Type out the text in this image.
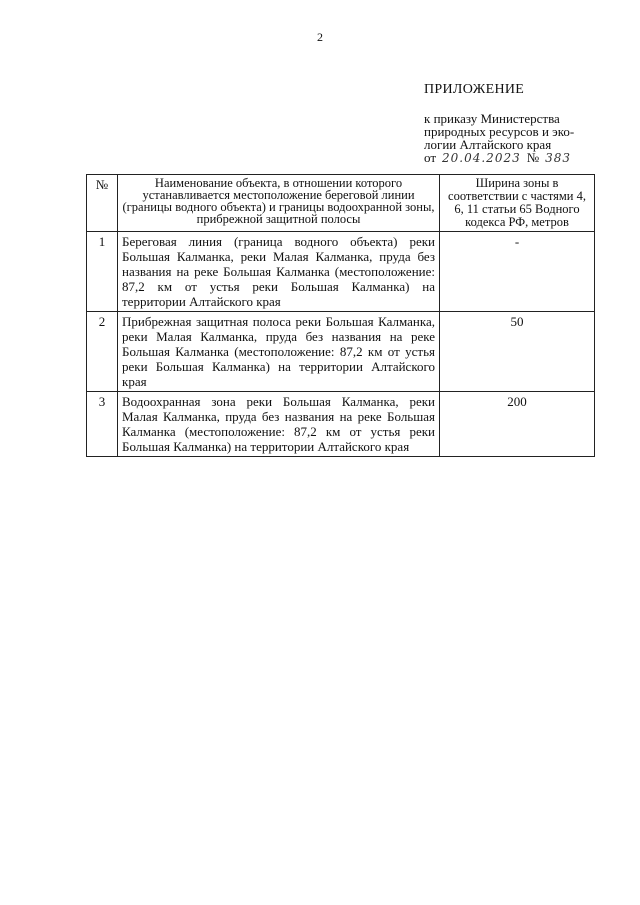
2
ПРИЛОЖЕНИЕ
к приказу Министерства
природных ресурсов и эко-
логии Алтайского края
от 20.04.2023 № 383
№	Наименование объекта, в отношении которого устанавливается местоположение береговой линии (границы водного объекта) и границы водоохранной зоны, прибрежной защитной полосы	Ширина зоны в соответствии с частями 4, 6, 11 статьи 65 Водного кодекса РФ, метров
1	Береговая линия (граница водного объекта) реки Большая Калманка, реки Малая Калманка, пруда без названия на реке Большая Калманка (местоположение: 87,2 км от устья реки Большая Калманка) на территории Алтайского края	-
2	Прибрежная защитная полоса реки Большая Калманка, реки Малая Калманка, пруда без названия на реке Большая Калманка (местоположение: 87,2 км от устья реки Большая Калманка) на территории Алтайского края	50
3	Водоохранная зона реки Большая Калманка, реки Малая Калманка, пруда без названия на реке Большая Калманка (местоположение: 87,2 км от устья реки Большая Калманка) на территории Алтайского края	200
